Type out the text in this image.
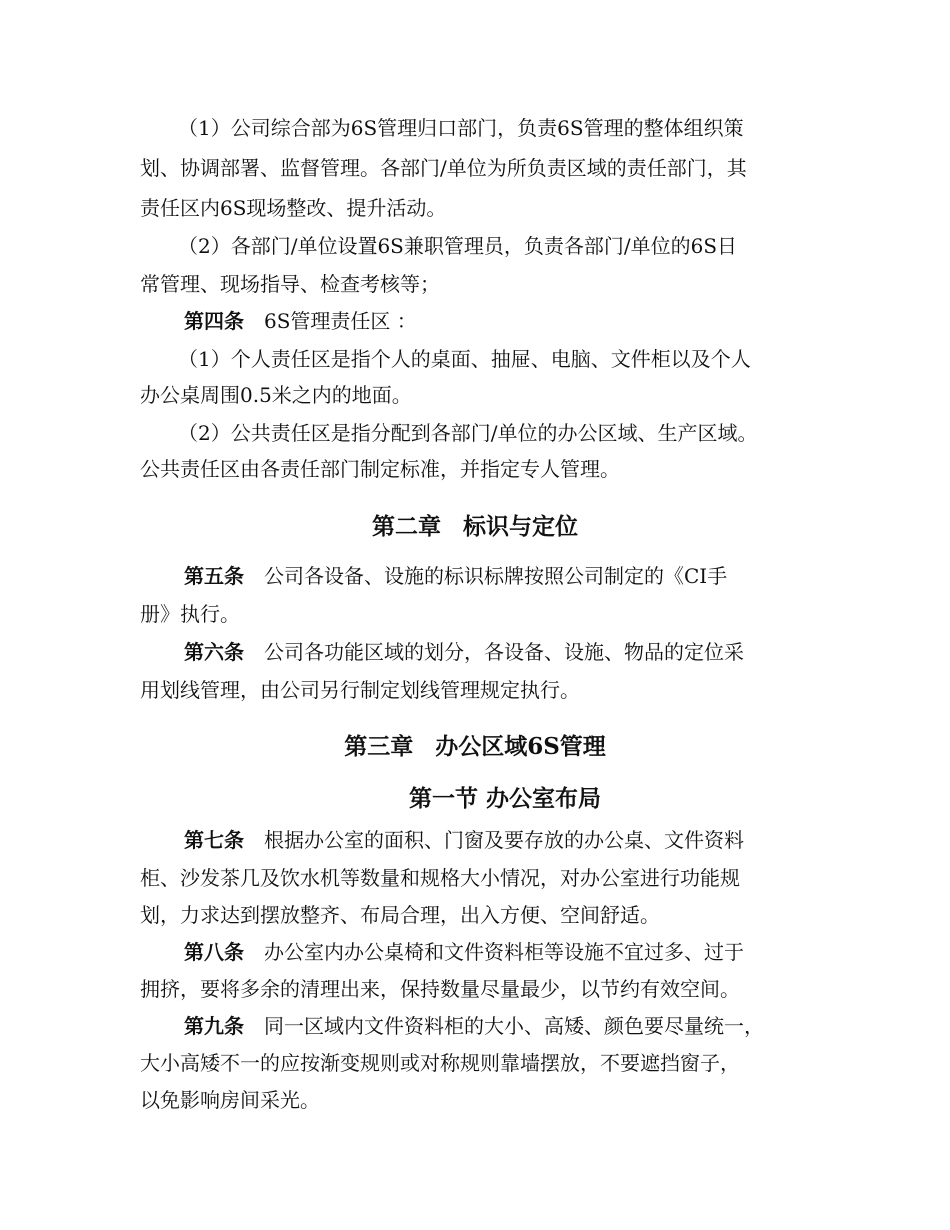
（1）公司综合部为6S管理归口部门，负责6S管理的整体组织策
划、协调部署、监督管理。各部门/单位为所负责区域的责任部门，其
责任区内6S现场整改、提升活动。
（2）各部门/单位设置6S兼职管理员，负责各部门/单位的6S日
常管理、现场指导、检查考核等；
第四条 6S管理责任区 ：
（1）个人责任区是指个人的桌面、抽屉、电脑、文件柜以及个人
办公桌周围0.5米之内的地面。
（2）公共责任区是指分配到各部门/单位的办公区域、生产区域。
公共责任区由各责任部门制定标准，并指定专人管理。
第二章 标识与定位
第五条 公司各设备、设施的标识标牌按照公司制定的《CI手
册》执行。
第六条 公司各功能区域的划分，各设备、设施、物品的定位采
用划线管理，由公司另行制定划线管理规定执行。
第三章 办公区域6S管理
第一节 办公室布局
第七条 根据办公室的面积、门窗及要存放的办公桌、文件资料
柜、沙发茶几及饮水机等数量和规格大小情况，对办公室进行功能规
划，力求达到摆放整齐、布局合理，出入方便、空间舒适。
第八条 办公室内办公桌椅和文件资料柜等设施不宜过多、过于
拥挤，要将多余的清理出来，保持数量尽量最少，以节约有效空间。
第九条 同一区域内文件资料柜的大小、高矮、颜色要尽量统一，
大小高矮不一的应按渐变规则或对称规则靠墙摆放，不要遮挡窗子，
以免影响房间采光。
